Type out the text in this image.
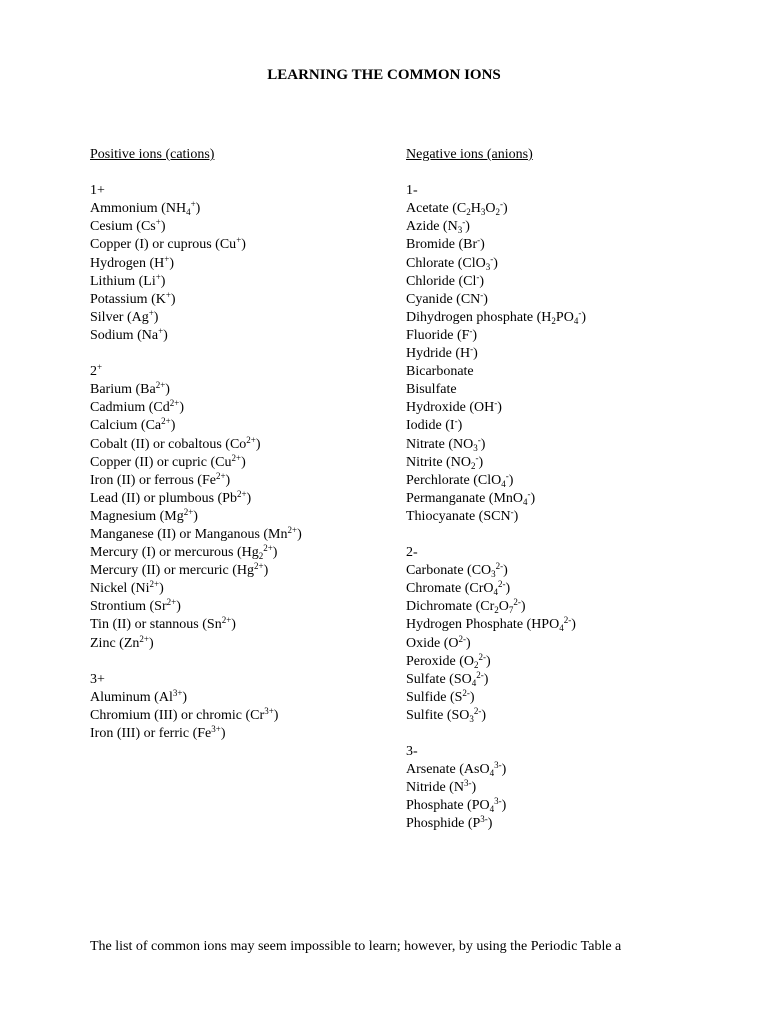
LEARNING THE COMMON IONS
Positive ions (cations)
1+
Ammonium $(NH_4^+)$
Cesium (Cs+)
Copper (I) or cuprous (Cu+)
Hydrogen (H+)
Lithium (Li+)
Potassium (K+)
Silver (Ag+)
Sodium (Na+)
2+
Barium $(Ba^{2+})$
Cadmium $(Cd^{2+})$
Calcium $(Ca^{2+})$
Cobalt (II) or cobaltous $(Co^{2+})$
Copper (II) or cupric $(Cu^{2+})$
Iron (II) or ferrous $(Fe^{2+})$
Lead (II) or plumbous $(Pb^{2+})$
Magnesium $(Mg^{2+})$
Manganese (II) or Manganous $(Mn^{2+})$
Mercury (I) or mercurous $(Hg_2^{2+})$
Mercury (II) or mercuric $(Hg^{2+})$
Nickel $(Ni^{2+})$
Strontium $(Sr^{2+})$
Tin (II) or stannous $(Sn^{2+})$
Zinc $(Zn^{2+})$
3+
Aluminum $(Al^{3+})$
Chromium (III) or chromic $(Cr^{3+})$
Iron (III) or ferric $(Fe^{3+})$
Negative ions (anions)
1-
Acetate $(C_2H_3O_2^-)$
Azide $(N_3^-)$
Bromide (Br-)
Chlorate (ClO$_3$-)
Chloride (Cl-)
Cyanide (CN-)
Dihydrogen phosphate $(H_2PO_4^-)$
Fluoride (F-)
Hydride (H-)
Bicarbonate
Bisulfate
Hydroxide (OH-)
Iodide (I-)
Nitrate $(NO_3^-)$
Nitrite $(NO_2^-)$
Perchlorate (ClO$_4$-)
Permanganate (MnO$_4$-)
Thiocyanate (SCN-)
2-
Carbonate $(CO_3^{2-})$
Chromate (CrO$_4^{2-}$)
Dichromate $(Cr_2O_7^{2-})$
Hydrogen Phosphate $(HPO_4^{2-})$
Oxide $(O^{2-})$
Peroxide $(O_2^{2-})$
Sulfate $(SO_4^{2-})$
Sulfide $(S^{2-})$
Sulfite $(SO_3^{2-})$
3-
Arsenate (AsO$_4^{3-}$)
Nitride $(N^{3-})$
Phosphate $(PO_4^{3-})$
Phosphide $(P^{3-})$
The list of common ions may seem impossible to learn; however, by using the Periodic Table a
